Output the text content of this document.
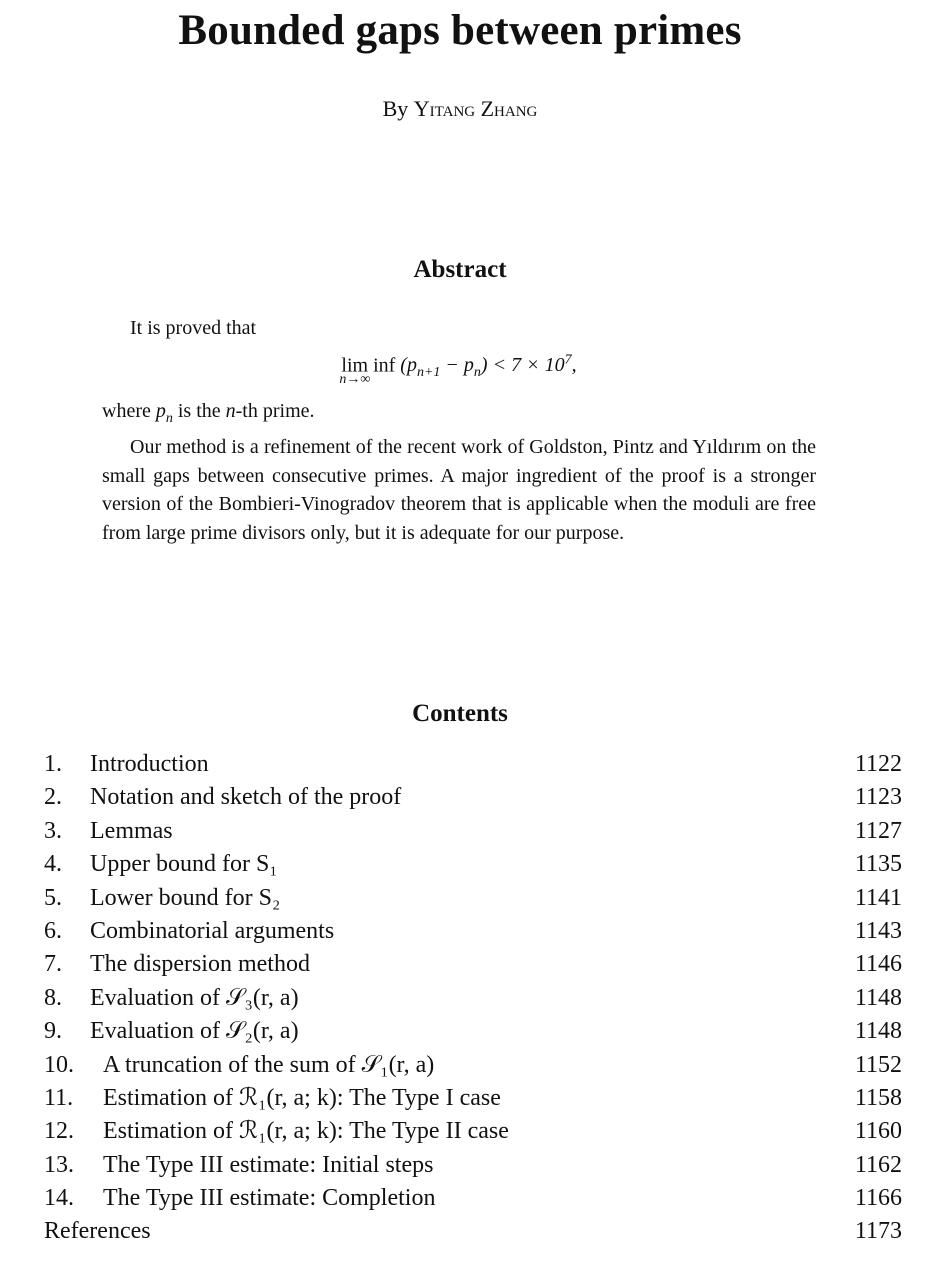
Bounded gaps between primes
By Yitang Zhang
Abstract

It is proved that

lim inf $(p_{n+1} - p_n) < 7 \times 10^7$,
n→∞

where $p_n$ is the n-th prime.

Our method is a refinement of the recent work of Goldston, Pintz and Yıldırım on the small gaps between consecutive primes. A major ingredient of the proof is a stronger version of the Bombieri-Vinogradov theorem that is applicable when the moduli are free from large prime divisors only, but it is adequate for our purpose.

Contents
1. Introduction	1122
2. Notation and sketch of the proof	1123
3. Lemmas	1127
4. Upper bound for S₁	1135
5. Lower bound for S₂	1141
6. Combinatorial arguments	1143
7. The dispersion method	1146
8. Evaluation of 𝒮₃(r, a)	1148
9. Evaluation of 𝒮₂(r, a)	1148
10. A truncation of the sum of 𝒮₁(r, a)	1152
11. Estimation of ℛ₁(r, a; k): The Type I case	1158
12. Estimation of ℛ₁(r, a; k): The Type II case	1160
13. The Type III estimate: Initial steps	1162
14. The Type III estimate: Completion	1166
References	1173
